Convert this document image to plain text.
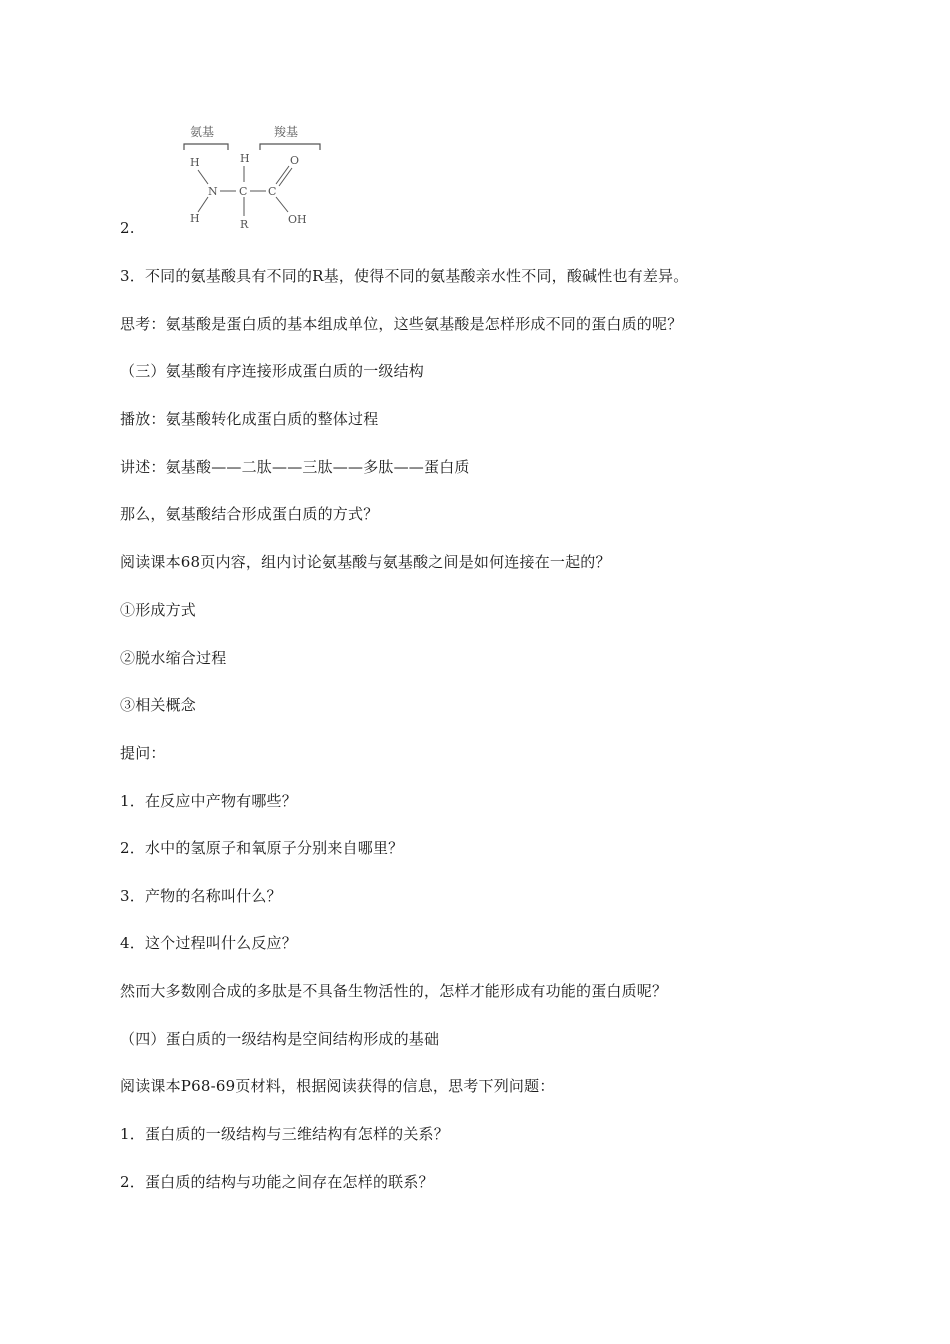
2.
氨基	羧基
H
N
H
H
C
R
C
O
OH
3．不同的氨基酸具有不同的R基，使得不同的氨基酸亲水性不同，酸碱性也有差异。
思考：氨基酸是蛋白质的基本组成单位，这些氨基酸是怎样形成不同的蛋白质的呢？
（三）氨基酸有序连接形成蛋白质的一级结构
播放：氨基酸转化成蛋白质的整体过程
讲述：氨基酸——二肽——三肽——多肽——蛋白质
那么，氨基酸结合形成蛋白质的方式？
阅读课本68页内容，组内讨论氨基酸与氨基酸之间是如何连接在一起的？
①形成方式
②脱水缩合过程
③相关概念
提问：
1．在反应中产物有哪些？
2．水中的氢原子和氧原子分别来自哪里？
3．产物的名称叫什么？
4．这个过程叫什么反应？
然而大多数刚合成的多肽是不具备生物活性的，怎样才能形成有功能的蛋白质呢？
（四）蛋白质的一级结构是空间结构形成的基础
阅读课本P68-69页材料，根据阅读获得的信息，思考下列问题：
1．蛋白质的一级结构与三维结构有怎样的关系？
2．蛋白质的结构与功能之间存在怎样的联系？
